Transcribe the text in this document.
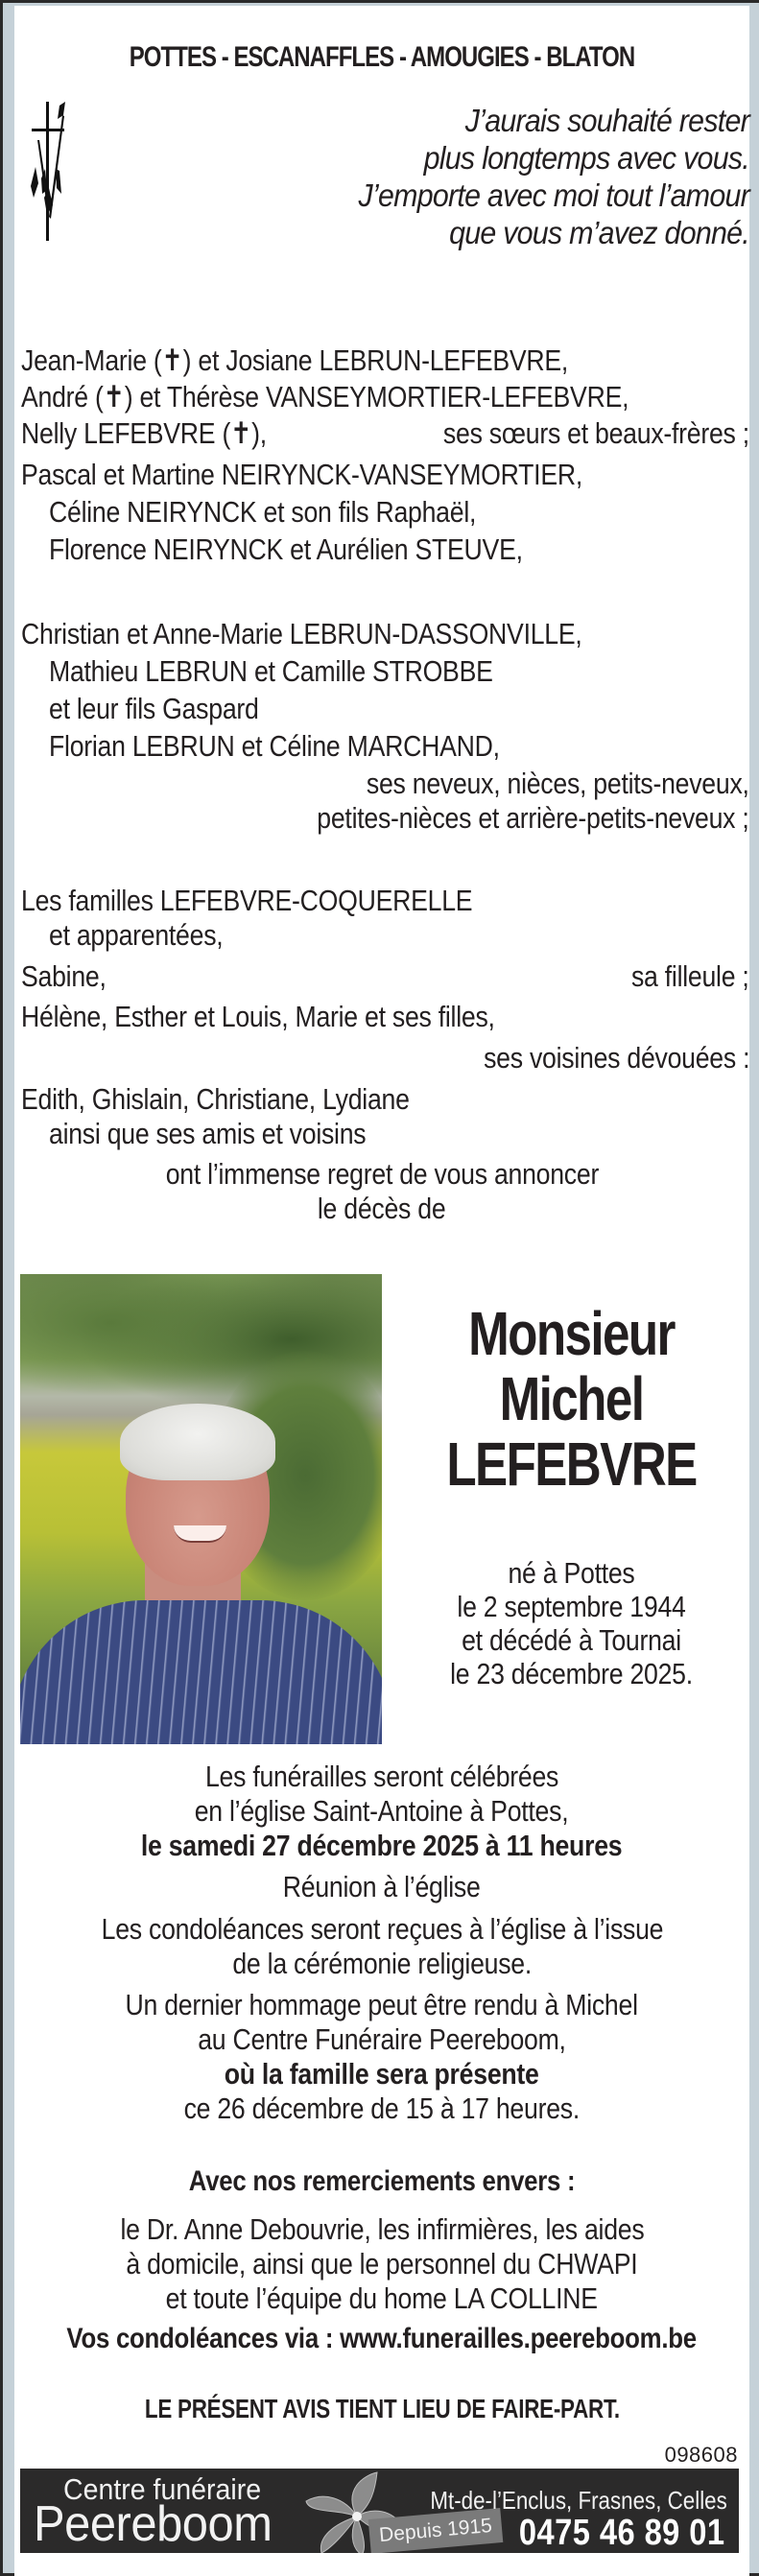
POTTES - ESCANAFFLES - AMOUGIES - BLATON
J’aurais souhaité rester
plus longtemps avec vous.
J’emporte avec moi tout l’amour
que vous m’avez donné.
Jean-Marie (✝) et Josiane LEBRUN-LEFEBVRE,
André (✝) et Thérèse VANSEYMORTIER-LEFEBVRE,
Nelly LEFEBVRE (✝),	ses sœurs et beaux-frères ;
Pascal et Martine NEIRYNCK-VANSEYMORTIER,
Céline NEIRYNCK et son fils Raphaël,
Florence NEIRYNCK et Aurélien STEUVE,
Christian et Anne-Marie LEBRUN-DASSONVILLE,
Mathieu LEBRUN et Camille STROBBE
et leur fils Gaspard
Florian LEBRUN et Céline MARCHAND,
ses neveux, nièces, petits-neveux,
petites-nièces et arrière-petits-neveux ;
Les familles LEFEBVRE-COQUERELLE
et apparentées,
Sabine,	sa filleule ;
Hélène, Esther et Louis, Marie et ses filles,
ses voisines dévouées :
Edith, Ghislain, Christiane, Lydiane
ainsi que ses amis et voisins
ont l’immense regret de vous annoncer
le décès de
Monsieur
Michel
LEFEBVRE
né à Pottes
le 2 septembre 1944
et décédé à Tournai
le 23 décembre 2025.
Les funérailles seront célébrées
en l’église Saint-Antoine à Pottes,
le samedi 27 décembre 2025 à 11 heures
Réunion à l’église
Les condoléances seront reçues à l’église à l’issue
de la cérémonie religieuse.
Un dernier hommage peut être rendu à Michel
au Centre Funéraire Peereboom,
où la famille sera présente
ce 26 décembre de 15 à 17 heures.
Avec nos remerciements envers :
le Dr. Anne Debouvrie, les infirmières, les aides
à domicile, ainsi que le personnel du CHWAPI
et toute l’équipe du home LA COLLINE
Vos condoléances via : www.funerailles.peereboom.be
LE PRÉSENT AVIS TIENT LIEU DE FAIRE-PART.
098608
Centre funéraire
Peereboom	Depuis 1915
Mt-de-l’Enclus, Frasnes, Celles
0475 46 89 01
